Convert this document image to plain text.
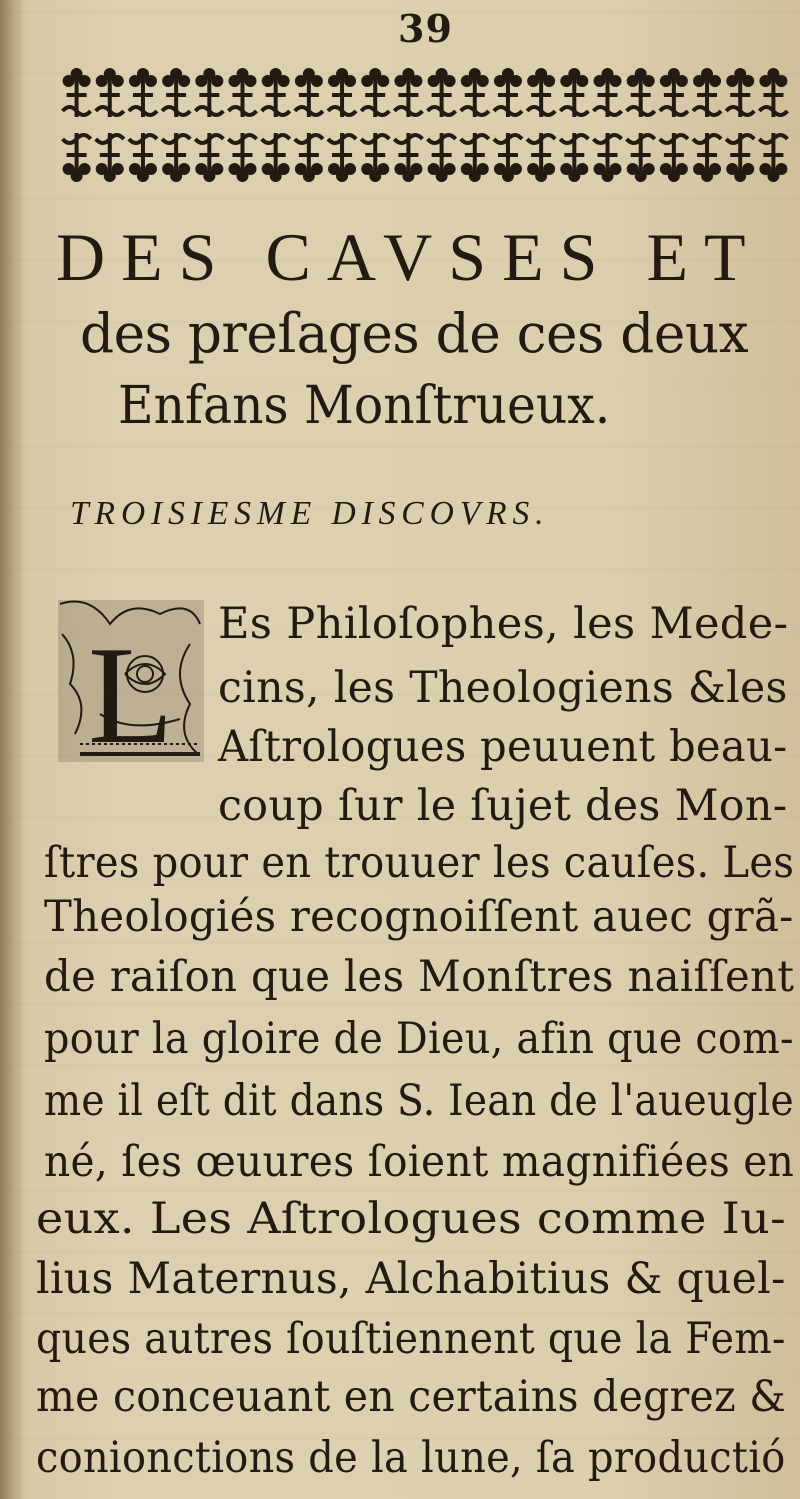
39
DES CAVSES ET
des preſages de ces deux
Enfans Monſtrueux.
TROISIESME DISCOVRS.
L Es Philoſophes, les Mede-
cins, les Theologiens &les
Aſtrologues peuuent beau-
coup ſur le ſujet des Mon-
ſtres pour en trouuer les cauſes. Les
Theologiés recognoiſſent auec grã-
de raiſon que les Monſtres naiſſent
pour la gloire de Dieu, afin que com-
me il eſt dit dans S. Iean de l'aueugle
né, ſes œuures ſoient magnifiées en
eux. Les Aſtrologues comme Iu-
lius Maternus, Alchabitius & quel-
ques autres ſouſtiennent que la Fem-
me conceuant en certains degrez &
conionctions de la lune, ſa productió
